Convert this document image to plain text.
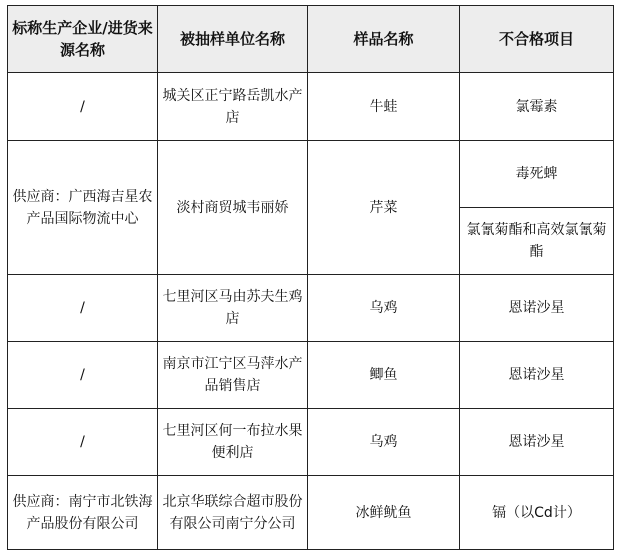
标称生产企业/进货来源名称	被抽样单位名称	样品名称	不合格项目
/	城关区正宁路岳凯水产店	牛蛙	氯霉素
供应商：广西海吉星农产品国际物流中心	淡村商贸城韦丽娇	芹菜	毒死蜱
			氯氰菊酯和高效氯氰菊酯
/	七里河区马由苏夫生鸡店	乌鸡	恩诺沙星
/	南京市江宁区马萍水产品销售店	鲫鱼	恩诺沙星
/	七里河区何一布拉水果便利店	乌鸡	恩诺沙星
供应商：南宁市北铁海产品股份有限公司	北京华联综合超市股份有限公司南宁分公司	冰鲜鱿鱼	镉（以Cd计）
